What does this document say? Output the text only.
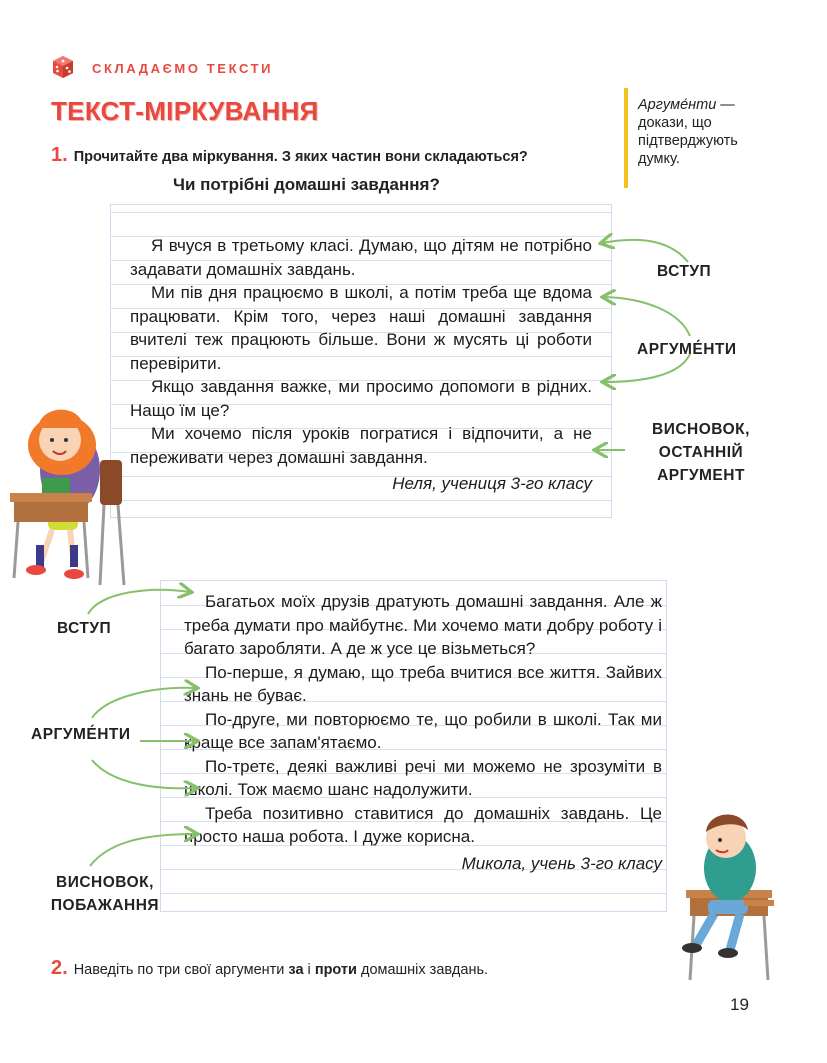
СКЛАДАЄМО ТЕКСТИ
ТЕКСТ-МІРКУВАННЯ
1. Прочитайте два міркування. З яких частин вони складаються?
Аргуме́нти — докази, що підтверджують думку.
Чи потрібні домашні завдання?

Я вчуся в третьому класі. Думаю, що дітям не потрібно задавати домашніх завдань.

Ми пів дня працюємо в школі, а потім треба ще вдома працювати. Крім того, через наші домашні завдання вчителі теж працюють більше. Вони ж мусять ці роботи перевірити.

Якщо завдання важке, ми просимо допомоги в рідних. Нащо їм це?

Ми хочемо після уроків погратися і відпочити, а не переживати через домашні завдання.

Неля, учениця 3-го класу

ВСТУП
АРГУМЕ́НТИ
ВИСНОВОК, ОСТАННІЙ АРГУМЕНТ

Багатьох моїх друзів дратують домашні завдання. Але ж треба думати про майбутнє. Ми хочемо мати добру роботу і багато заробляти. А де ж усе це візьметься?

По-перше, я думаю, що треба вчитися все життя. Зайвих знань не буває.

По-друге, ми повторюємо те, що робили в школі. Так ми краще все запам'ятаємо.

По-третє, деякі важливі речі ми можемо не зрозуміти в школі. Тож маємо шанс надолужити.

Треба позитивно ставитися до домашніх завдань. Це просто наша робота. І дуже корисна.

Микола, учень 3-го класу

ВСТУП
АРГУМЕ́НТИ
ВИСНОВОК, ПОБАЖАННЯ
2. Наведіть по три свої аргументи за і проти домашніх завдань.
19
